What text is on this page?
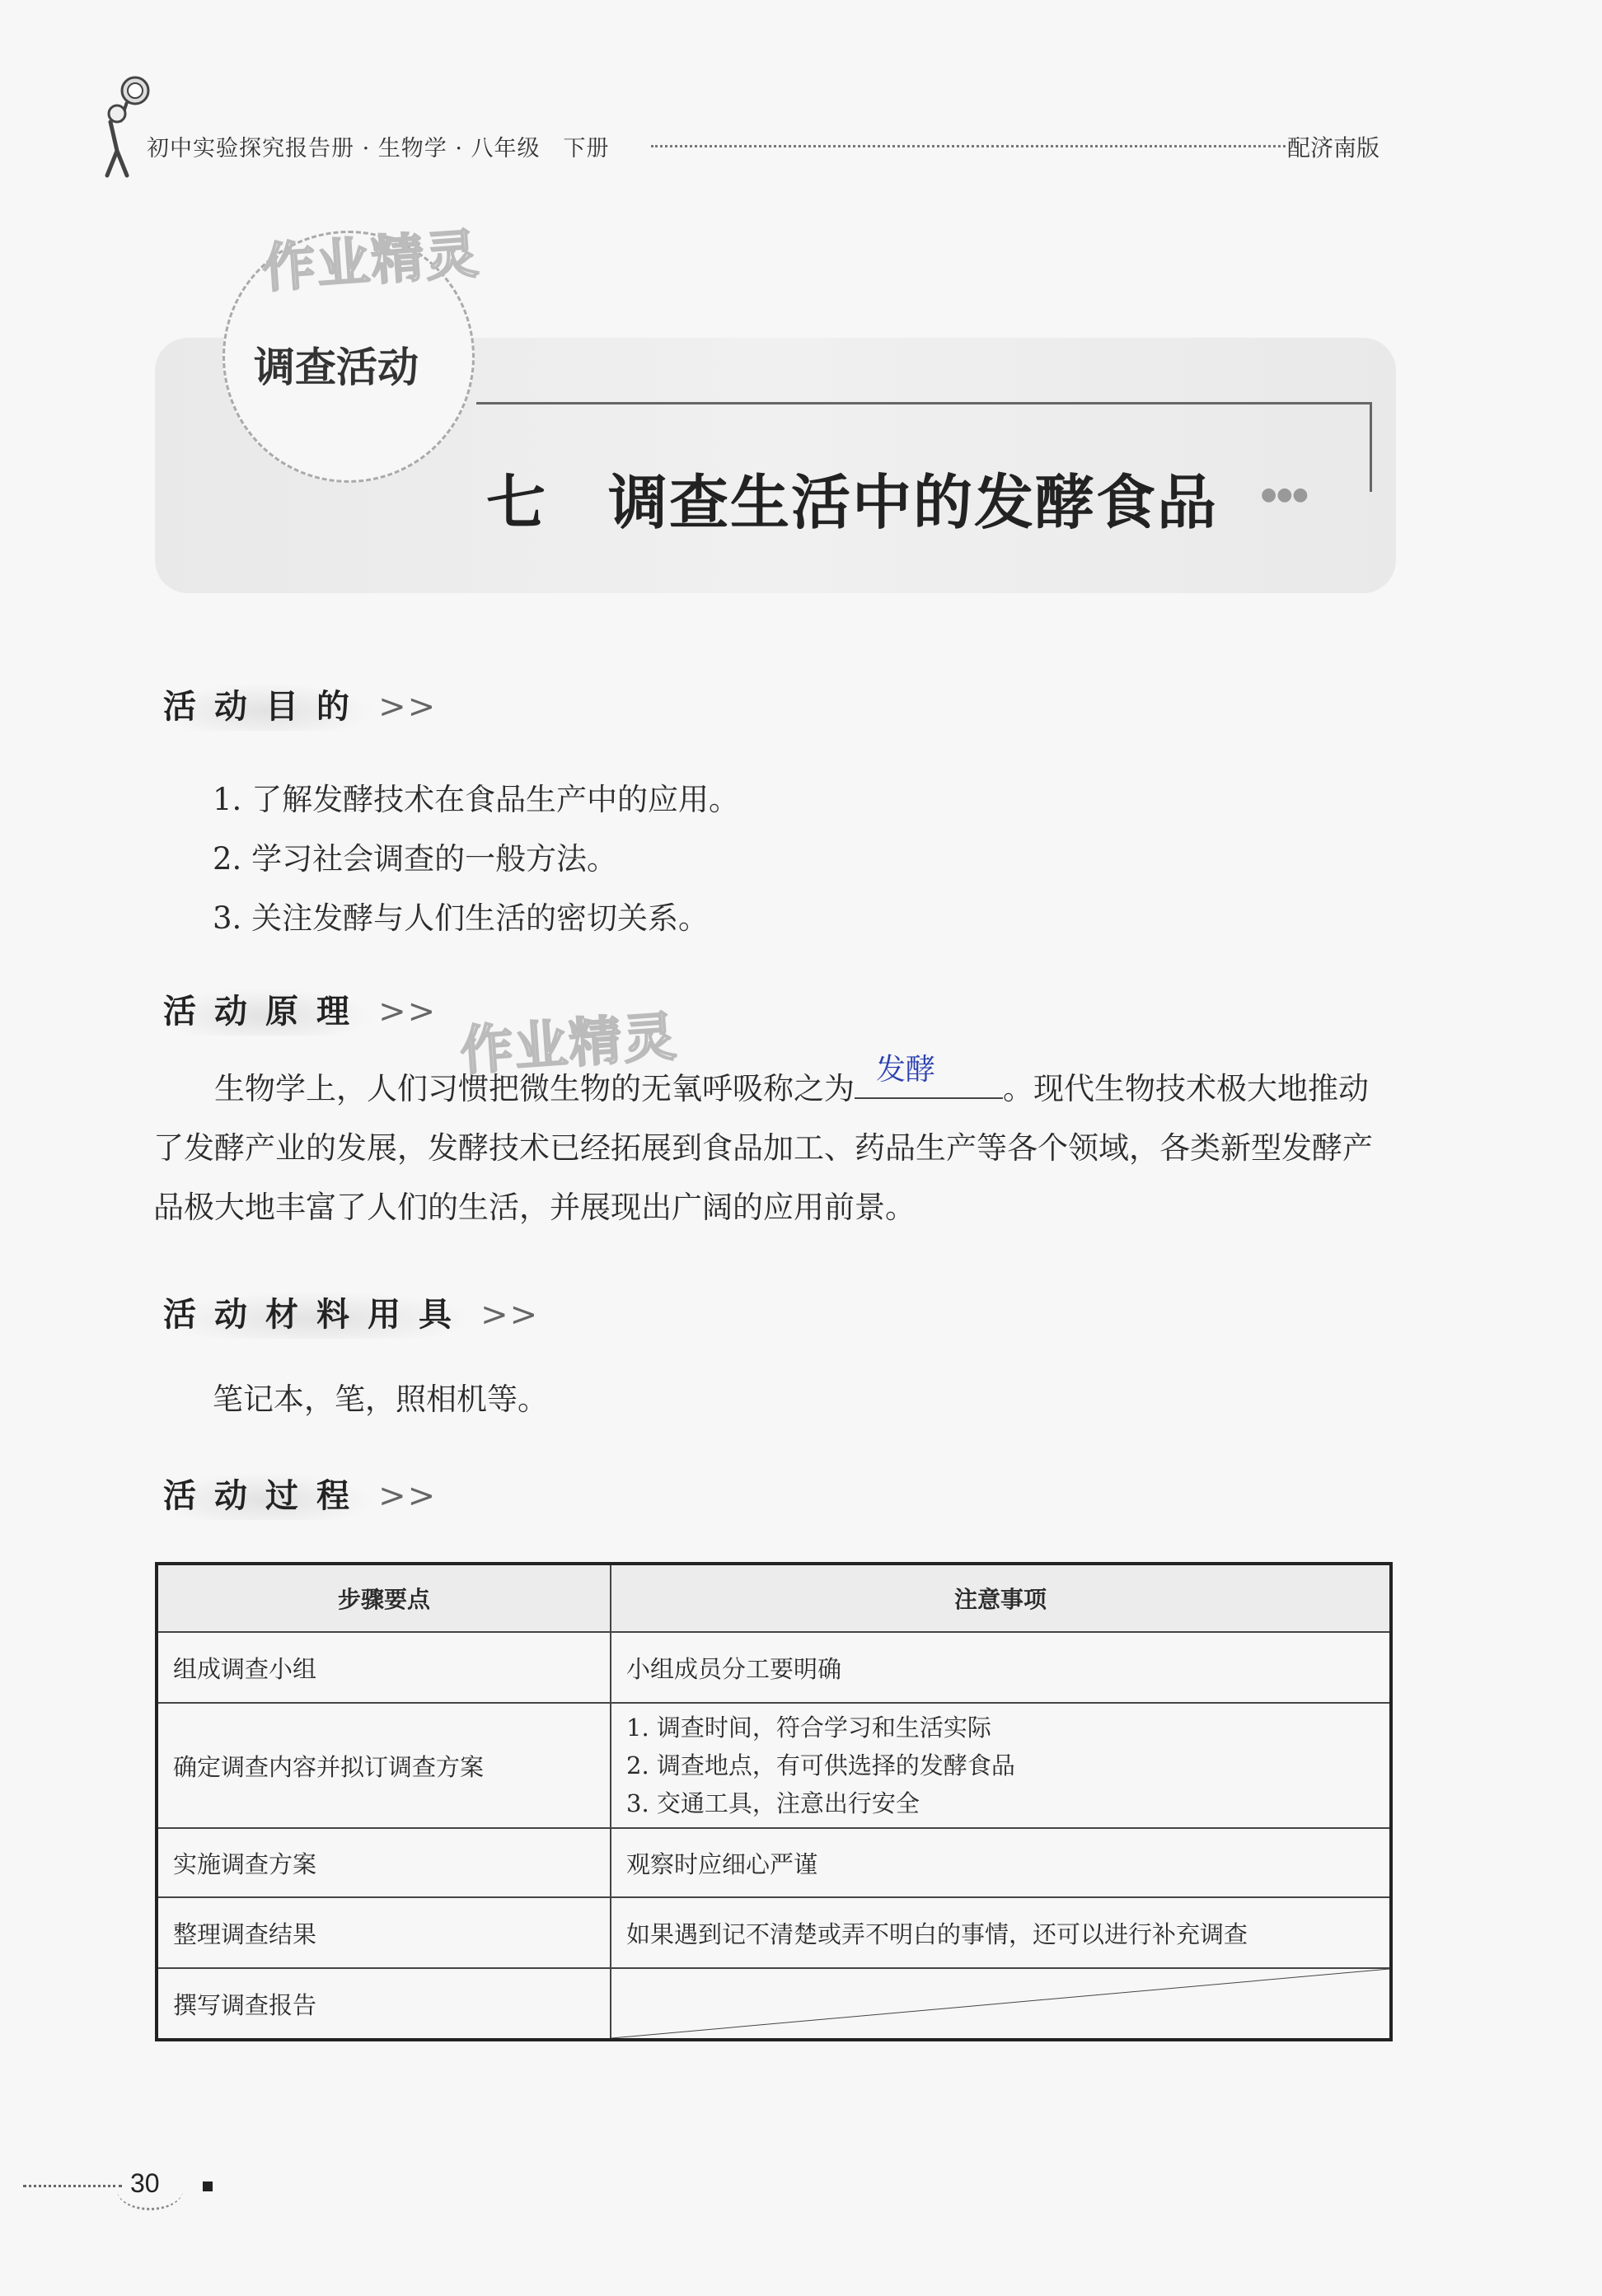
初中实验探究报告册 · 生物学 · 八年级　下册	配济南版
作业精灵
调查活动
七　调查生活中的发酵食品 ●●●
活动目的 >>
1. 了解发酵技术在食品生产中的应用。
2. 学习社会调查的一般方法。
3. 关注发酵与人们生活的密切关系。
活动原理 >> 作业精灵
生物学上，人们习惯把微生物的无氧呼吸称之为
发酵
。现代生物技术极大地推动了发酵产业的发展，发酵技术已经拓展到食品加工、药品生产等各个领域，各类新型发酵产品极大地丰富了人们的生活，并展现出广阔的应用前景。
活动材料用具 >>
笔记本，笔，照相机等。
活动过程 >>
步骤要点	注意事项
组成调查小组	小组成员分工要明确
确定调查内容并拟订调查方案	1. 调查时间，符合学习和生活实际
2. 调查地点，有可供选择的发酵食品
3. 交通工具，注意出行安全

实施调查方案	观察时应细心严谨
整理调查结果	如果遇到记不清楚或弄不明白的事情，还可以进行补充调查
撰写调查报告	
30
